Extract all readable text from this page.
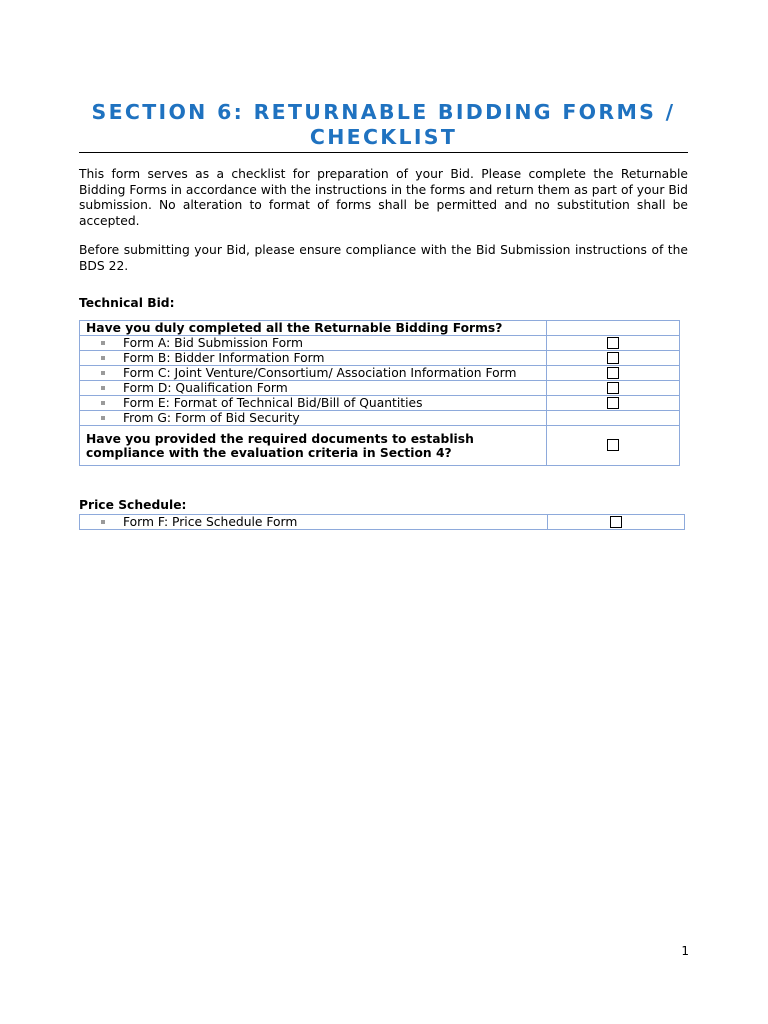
SECTION 6: RETURNABLE BIDDING FORMS / CHECKLIST
This form serves as a checklist for preparation of your Bid. Please complete the Returnable Bidding Forms in accordance with the instructions in the forms and return them as part of your Bid submission. No alteration to format of forms shall be permitted and no substitution shall be accepted.
Before submitting your Bid, please ensure compliance with the Bid Submission instructions of the BDS 22.
Technical Bid:
Have you duly completed all the Returnable Bidding Forms?	

Form A: Bid Submission Form	

Form B: Bidder Information Form	

Form C: Joint Venture/Consortium/ Association Information Form	

Form D: Qualification Form	

Form E: Format of Technical Bid/Bill of Quantities	

From G: Form of Bid Security	
Have you provided the required documents to establish compliance with the evaluation criteria in Section 4?	
Price Schedule:
Form F: Price Schedule Form	
1
